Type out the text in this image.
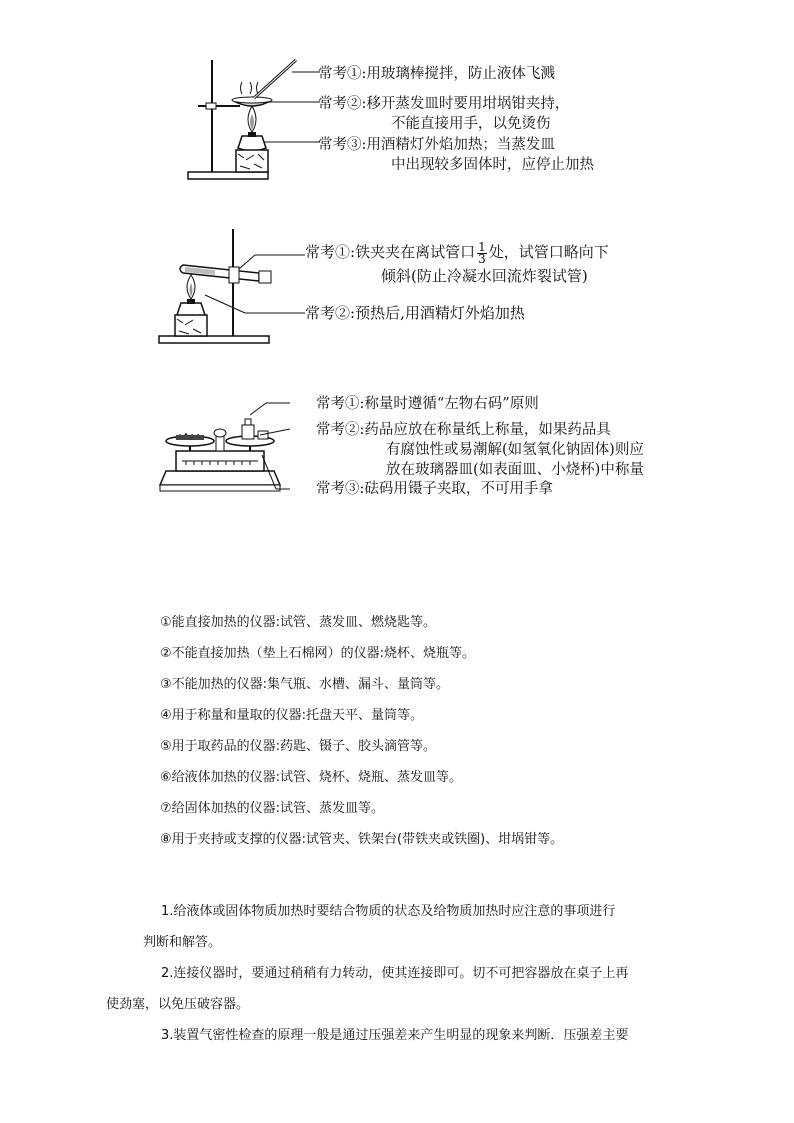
常考①:用玻璃棒搅拌，防止液体飞溅
常考②:移开蒸发皿时要用坩埚钳夹持，
不能直接用手，以免烫伤
常考③:用酒精灯外焰加热；当蒸发皿
中出现较多固体时，应停止加热
常考①:铁夹夹在离试管口 $\frac{1}{3}$ 处，试管口略向下
倾斜(防止冷凝水回流炸裂试管)
常考②:预热后,用酒精灯外焰加热
常考①:称量时遵循“左物右码”原则
常考②:药品应放在称量纸上称量，如果药品具
有腐蚀性或易潮解(如氢氧化钠固体)则应
放在玻璃器皿(如表面皿、小烧杯)中称量
常考③:砝码用镊子夹取，不可用手拿
①能直接加热的仪器:试管、蒸发皿、燃烧匙等。
②不能直接加热（垫上石棉网）的仪器:烧杯、烧瓶等。
③不能加热的仪器:集气瓶、水槽、漏斗、量筒等。
④用于称量和量取的仪器:托盘天平、量筒等。
⑤用于取药品的仪器:药匙、镊子、胶头滴管等。
⑥给液体加热的仪器:试管、烧杯、烧瓶、蒸发皿等。
⑦给固体加热的仪器:试管、蒸发皿等。
⑧用于夹持或支撑的仪器:试管夹、铁架台(带铁夹或铁圈)、坩埚钳等。
1.给液体或固体物质加热时要结合物质的状态及给物质加热时应注意的事项进行
判断和解答。
2.连接仪器时，要通过稍稍有力转动，使其连接即可。切不可把容器放在桌子上再
使劲塞，以免压破容器。
3.装置气密性检查的原理一般是通过压强差来产生明显的现象来判断．压强差主要
